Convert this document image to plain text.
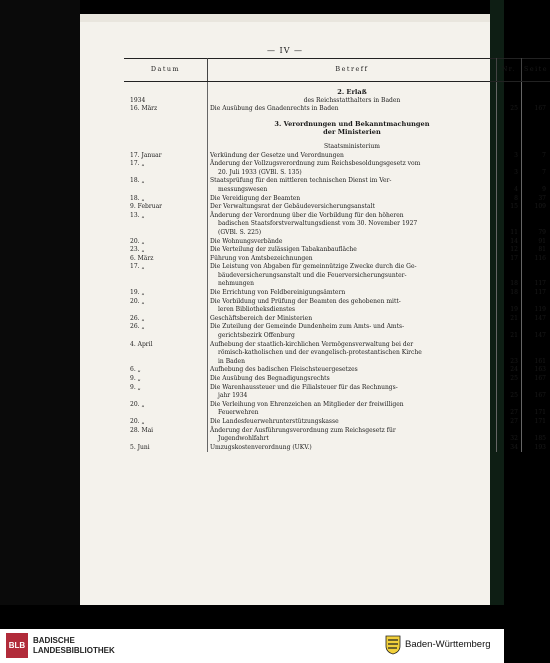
— IV —
Datum	Betreff	Nr.	Seite

	2. Erlaß		
1934	des Reichsstatthalters in Baden		
16. März	Die Ausübung des Gnadenrechts in Baden	25	167

	3. Verordnungen und Bekanntmachungen		
	der Ministerien		

	Staatsministerium		
17. Januar	Verkündung der Gesetze und Verordnungen	3	7
17. „	Änderung der Vollzugsverordnung zum Reichsbesoldungsgesetz vom		
	20. Juli 1933 (GVBl. S. 135)	3	7
18. „	Staatsprüfung für den mittleren technischen Dienst im Ver-		
	messungswesen	4	9
18. „	Die Vereidigung der Beamten	8	37
9. Februar	Der Verwaltungsrat der Gebäudeversicherungsanstalt	15	109
13. „	Änderung der Verordnung über die Vorbildung für den höheren		
	badischen Staatsforstverwaltungsdienst vom 30. November 1927		
	(GVBl. S. 225)	11	79
20. „	Die Wohnungsverbände	14	91
23. „	Die Verteilung der zulässigen Tabakanbaufläche	12	81
6. März	Führung von Amtsbezeichnungen	17	116
17. „	Die Leistung von Abgaben für gemeinnützige Zwecke durch die Ge-		
	bäudeversicherungsanstalt und die Feuerversicherungsunter-		
	nehmungen	18	117
19. „	Die Errichtung von Feldbereinigungsämtern	18	117
20. „	Die Vorbildung und Prüfung der Beamten des gehobenen mitt-		
	leren Bibliotheksdienstes	19	119
26. „	Geschäftsbereich der Ministerien	21	147
26. „	Die Zuteilung der Gemeinde Dundenheim zum Amts- und Amts-		
	gerichtsbezirk Offenburg	21	147
4. April	Aufhebung der staatlich-kirchlichen Vermögensverwaltung bei der		
	römisch-katholischen und der evangelisch-protestantischen Kirche		
	in Baden	23	161
6. „	Aufhebung des badischen Fleischsteuergesetzes	24	163
9. „	Die Ausübung des Begnadigungsrechts	25	167
9. „	Die Warenhaussteuer und die Filialsteuer für das Rechnungs-		
	jahr 1934	25	167
20. „	Die Verleihung von Ehrenzeichen an Mitglieder der freiwilligen		
	Feuerwehren	27	171
20. „	Die Landesfeuerwehrunterstützungskasse	27	171
28. Mai	Änderung der Ausführungsverordnung zum Reichsgesetz für		
	Jugendwohlfahrt	32	185
5. Juni	Umzugskostenverordnung (UKV.)	34	193
BLB
BADISCHE
LANDESBIBLIOTHEK
Baden-Württemberg
